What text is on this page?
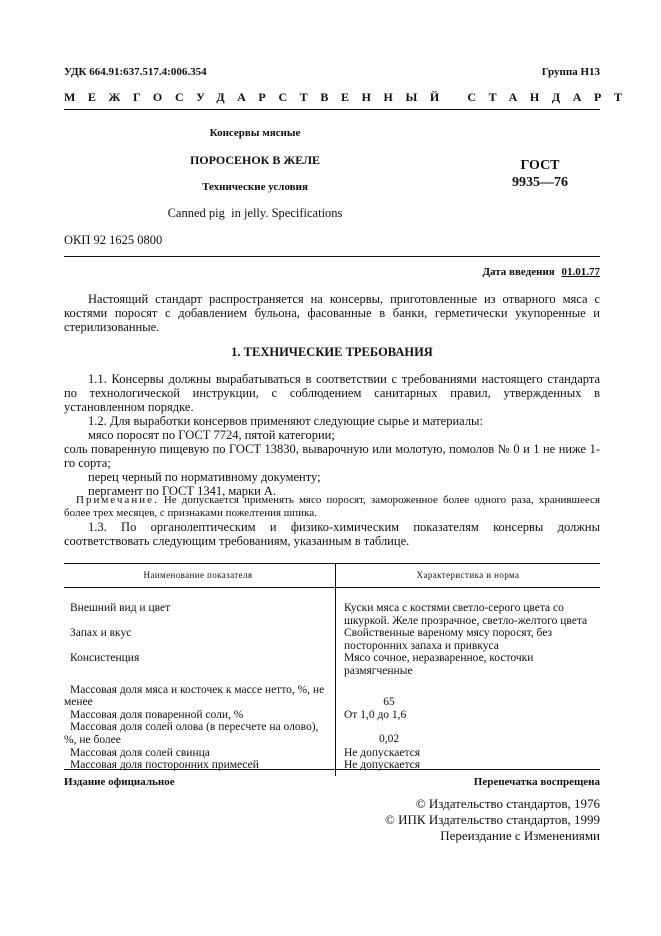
УДК 664.91:637.517.4:006.354	Группа Н13
МЕЖГОСУДАРСТВЕННЫЙ СТАНДАРТ
Консервы мясные
ПОРОСЕНОК В ЖЕЛЕ
Технические условия
Canned pig  in jelly. Specifications
ГОСТ
9935—76
ОКП 92 1625 0800
Дата введения 01.01.77

Настоящий стандарт распространяется на консервы, приготовленные из отварного мяса с костями поросят с добавлением бульона, фасованные в банки, герметически укупоренные и стерилизованные.

1. ТЕХНИЧЕСКИЕ ТРЕБОВАНИЯ

1.1. Консервы должны вырабатываться в соответствии с требованиями настоящего стандарта по технологической инструкции, с соблюдением санитарных правил, утвержденных в установленном порядке.

1.2. Для выработки консервов применяют следующие сырье и материалы:

мясо поросят по ГОСТ 7724, пятой категории;

соль поваренную пищевую по ГОСТ 13830, выварочную или молотую, помолов № 0 и 1 не ниже 1-го сорта;

перец черный по нормативному документу;

пергамент по ГОСТ 1341, марки А.

Примечание. Не допускается применять мясо поросят, замороженное более одного раза, хранившееся более трех месяцев, с признаками пожелтения шпика.

1.3. По органолептическим и физико-химическим показателям консервы должны соответствовать следующим требованиям, указанным в таблице.

Наименование показателя	Характеристика и норма

Внешний вид и цвет	Куски мяса с костями светло-серого цвета со шкуркой. Желе прозрачное, светло-желтого цвета

Запах и вкус	Свойственные вареному мясу поросят, без посторонних запаха и привкуса

Консистенция	Мясо сочное, неразваренное, косточки размягченные

Массовая доля мяса и косточек к массе нетто, %, не менее	65

Массовая доля поваренной соли, %	От 1,0 до 1,6

Массовая доля солей олова (в пересчете на олово), %, не более	0,02

Массовая доля солей свинца	Не допускается

Массовая доля посторонних примесей	Не допускается
Издание официальное	Перепечатка воспрещена
© Издательство стандартов, 1976
© ИПК Издательство стандартов, 1999
Переиздание с Изменениями
